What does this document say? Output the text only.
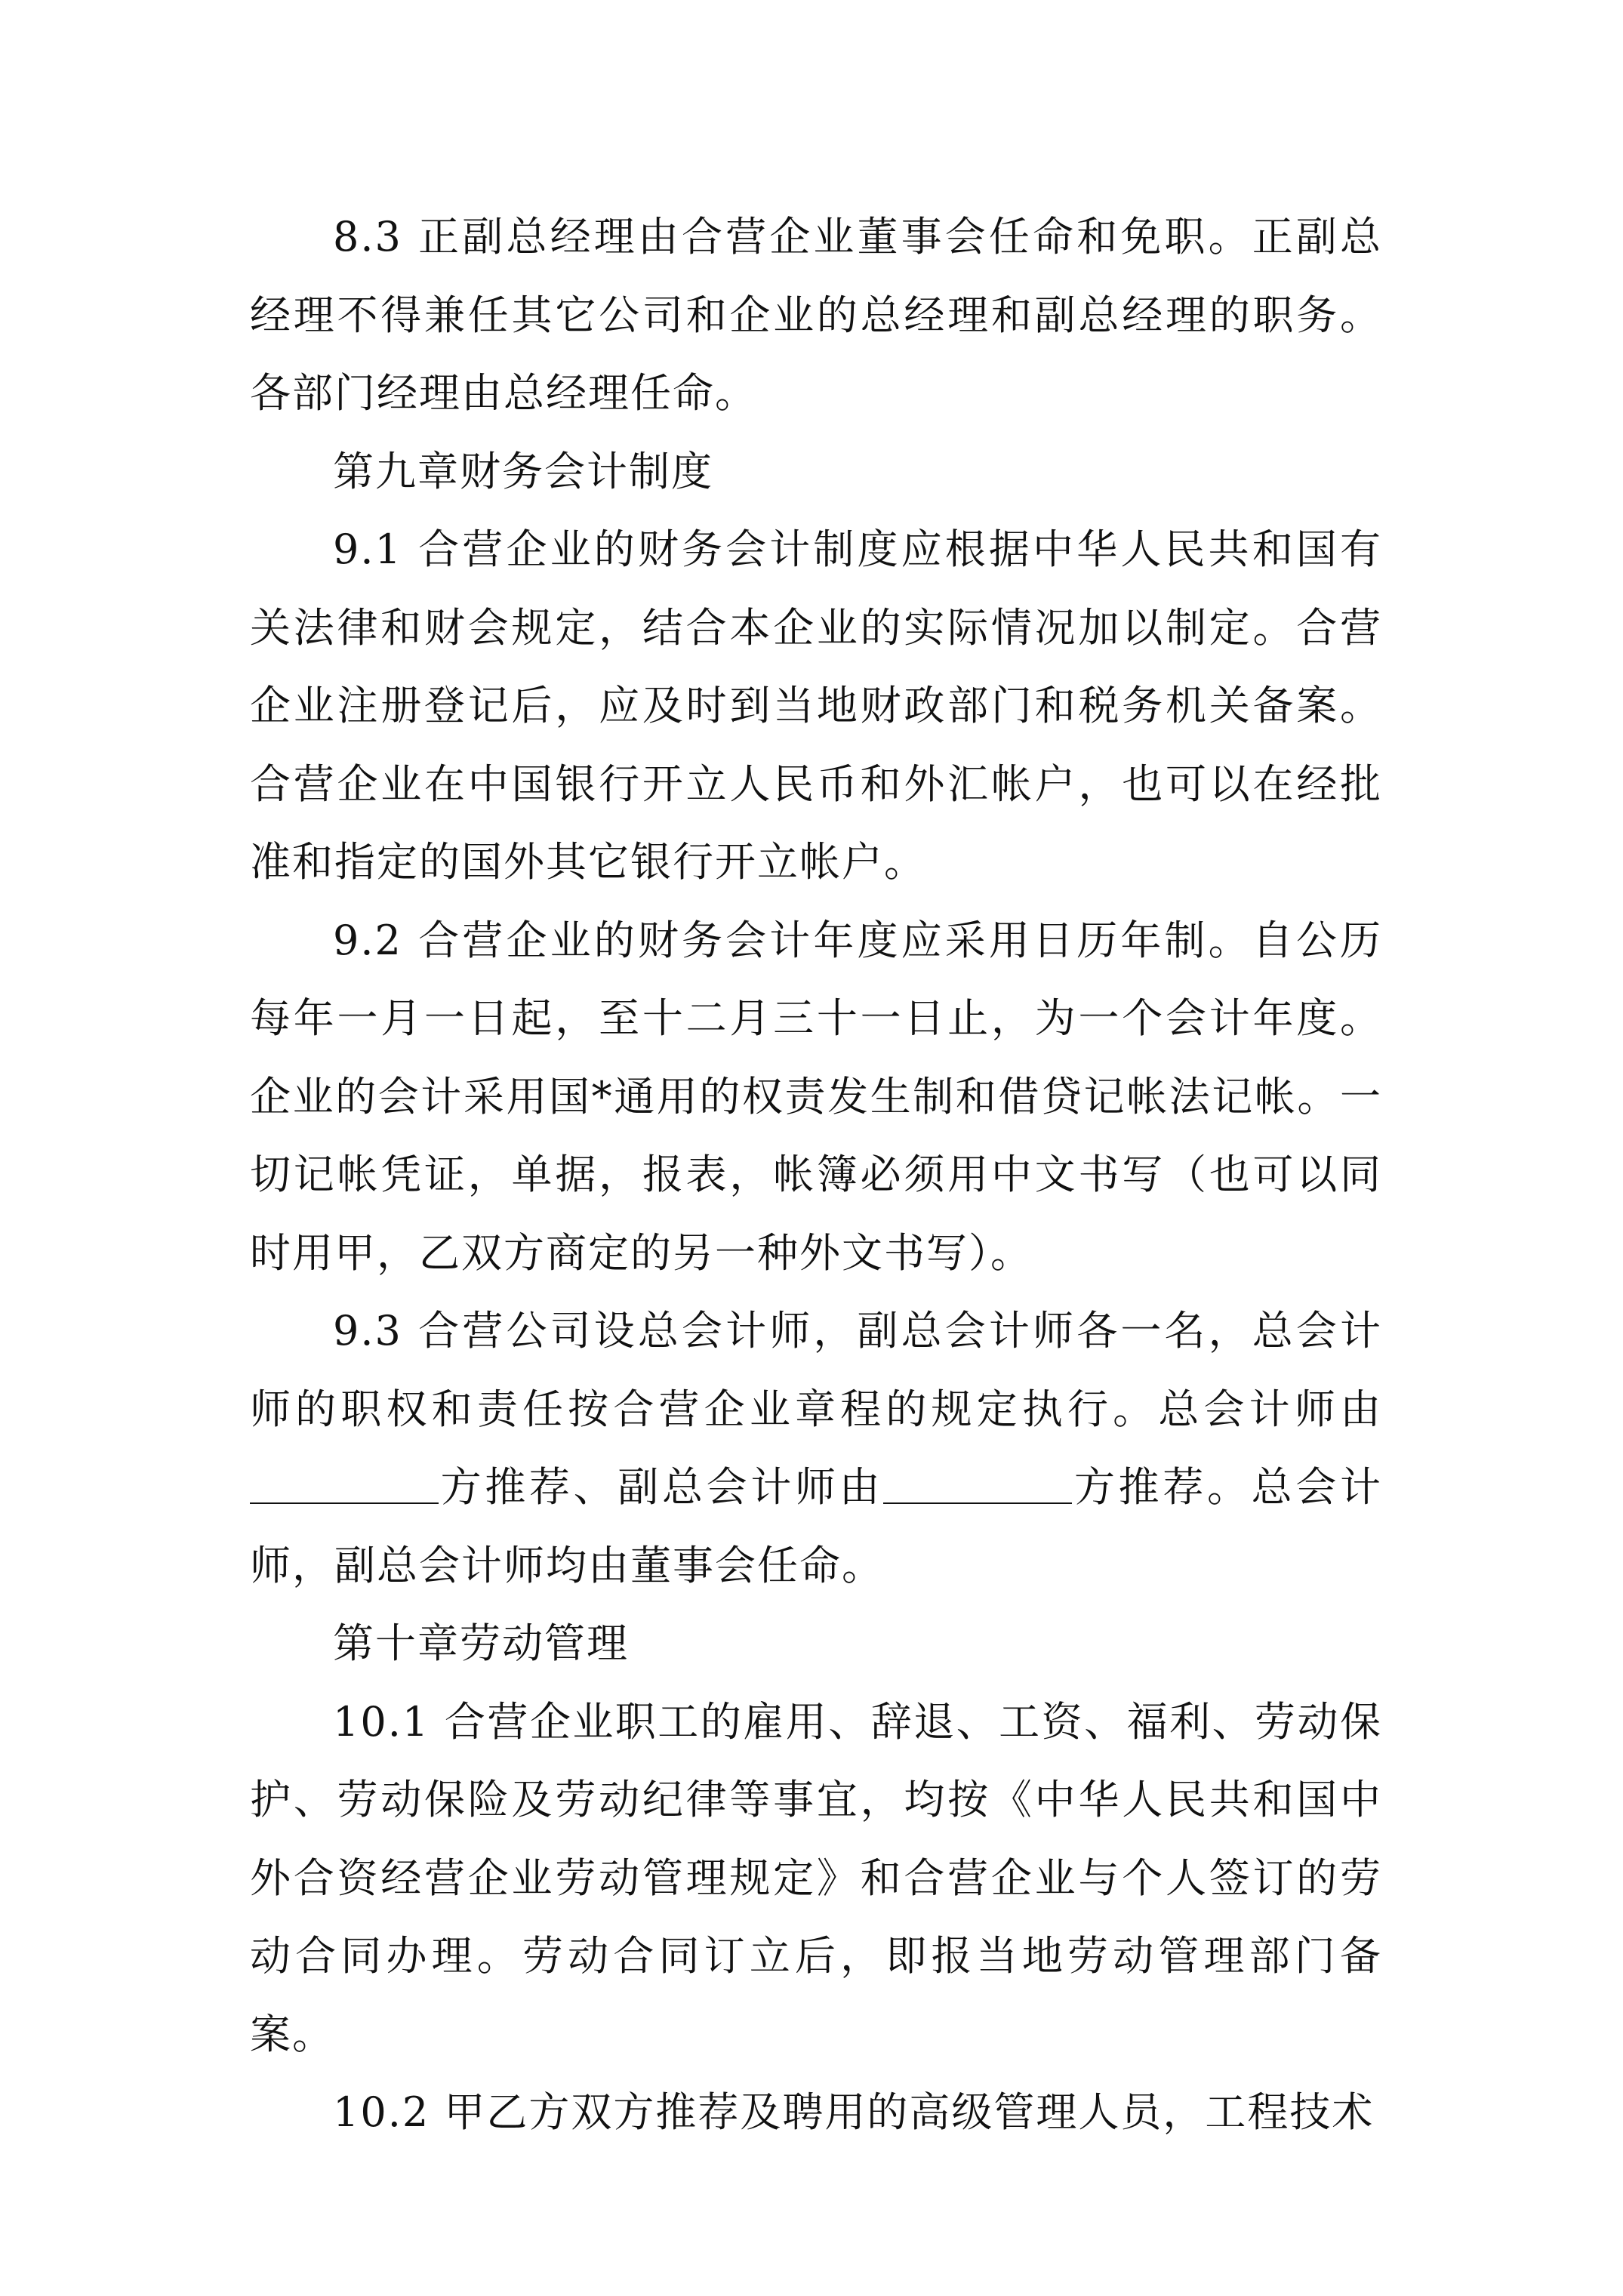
8.3 正副总经理由合营企业董事会任命和免职。正副总经理不得兼任其它公司和企业的总经理和副总经理的职务。各部门经理由总经理任命。

第九章财务会计制度

9.1 合营企业的财务会计制度应根据中华人民共和国有关法律和财会规定，结合本企业的实际情况加以制定。合营企业注册登记后，应及时到当地财政部门和税务机关备案。合营企业在中国银行开立人民币和外汇帐户，也可以在经批准和指定的国外其它银行开立帐户。

9.2 合营企业的财务会计年度应采用日历年制。自公历每年一月一日起，至十二月三十一日止，为一个会计年度。企业的会计采用国*通用的权责发生制和借贷记帐法记帐。一切记帐凭证，单据，报表，帐簿必须用中文书写（也可以同时用甲，乙双方商定的另一种外文书写）。

9.3 合营公司设总会计师，副总会计师各一名，总会计师的职权和责任按合营企业章程的规定执行。总会计师由方推荐、副总会计师由	方推荐。总会计师，副总会计师均由董事会任命。

第十章劳动管理

10.1 合营企业职工的雇用、辞退、工资、福利、劳动保护、劳动保险及劳动纪律等事宜，均按《中华人民共和国中外合资经营企业劳动管理规定》和合营企业与个人签订的劳动合同办理。劳动合同订立后，即报当地劳动管理部门备案。

10.2 甲乙方双方推荐及聘用的高级管理人员，工程技术
